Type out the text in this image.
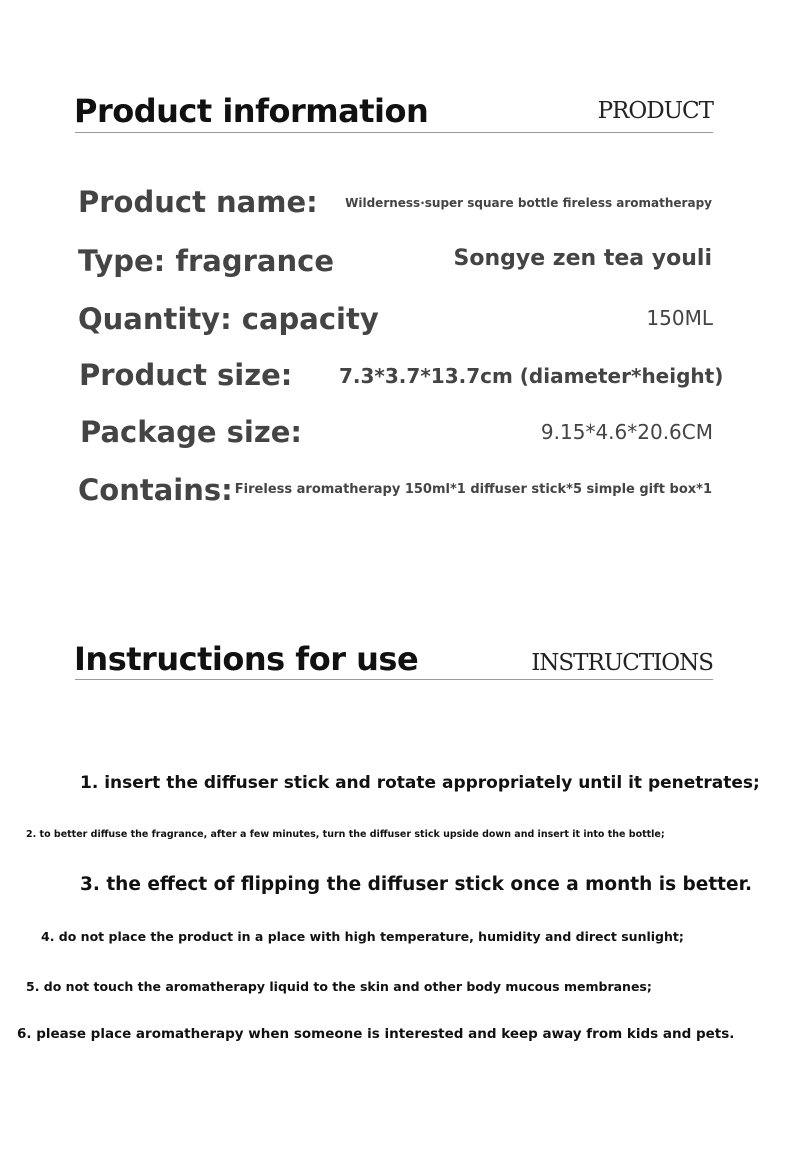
Product information	PRODUCT
Product name: Wilderness·super square bottle fireless aromatherapy
Type: fragrance	Songye zen tea youli
Quantity: capacity	150ML
Product size: 7.3*3.7*13.7cm (diameter*height)
Package size:	9.15*4.6*20.6CM
Contains: Fireless aromatherapy 150ml*1 diffuser stick*5 simple gift box*1
Instructions for use	INSTRUCTIONS
1. insert the diffuser stick and rotate appropriately until it penetrates;
2. to better diffuse the fragrance, after a few minutes, turn the diffuser stick upside down and insert it into the bottle;
3. the effect of flipping the diffuser stick once a month is better.
4. do not place the product in a place with high temperature, humidity and direct sunlight;
5. do not touch the aromatherapy liquid to the skin and other body mucous membranes;
6. please place aromatherapy when someone is interested and keep away from kids and pets.
